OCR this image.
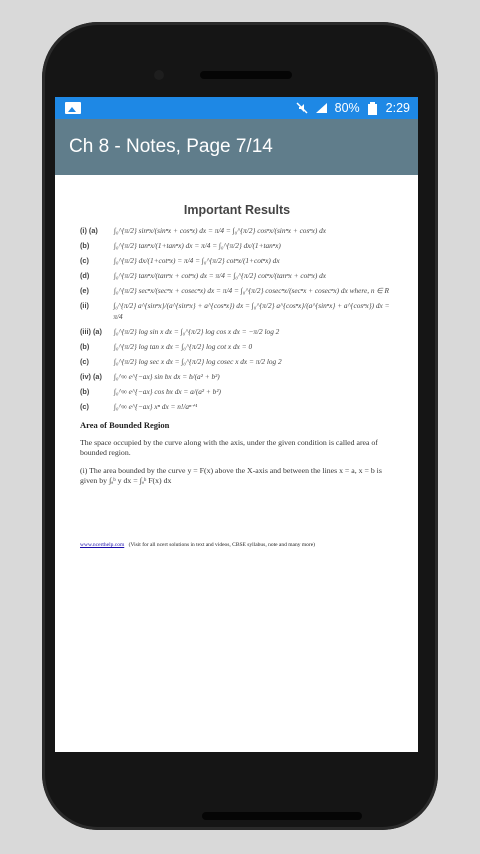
80% 2:29
Ch 8 - Notes, Page 7/14
Important Results
(i) (a)	∫₀^{π/2} sinⁿx/(sinⁿx + cosⁿx) dx = π/4 = ∫₀^{π/2} cosⁿx/(sinⁿx + cosⁿx) dx
(b)	∫₀^{π/2} tanⁿx/(1+tanⁿx) dx = π/4 = ∫₀^{π/2} dx/(1+tanⁿx)
(c)	∫₀^{π/2} dx/(1+cotⁿx) = π/4 = ∫₀^{π/2} cotⁿx/(1+cotⁿx) dx
(d)	∫₀^{π/2} tanⁿx/(tanⁿx + cotⁿx) dx = π/4 = ∫₀^{π/2} cotⁿx/(tanⁿx + cotⁿx) dx
(e)	∫₀^{π/2} secⁿx/(secⁿx + cosecⁿx) dx = π/4 = ∫₀^{π/2} cosecⁿx/(secⁿx + cosecⁿx) dx where, n ∈ R
(ii)	∫₀^{π/2} a^{sinⁿx}/(a^{sinⁿx} + a^{cosⁿx}) dx = ∫₀^{π/2} a^{cosⁿx}/(a^{sinⁿx} + a^{cosⁿx}) dx = π/4
(iii) (a)	∫₀^{π/2} log sin x dx = ∫₀^{π/2} log cos x dx = −π/2 log 2
(b)	∫₀^{π/2} log tan x dx = ∫₀^{π/2} log cot x dx = 0
(c)	∫₀^{π/2} log sec x dx = ∫₀^{π/2} log cosec x dx = π/2 log 2
(iv) (a)	∫₀^∞ e^{−ax} sin bx dx = b/(a² + b²)
(b)	∫₀^∞ e^{−ax} cos bx dx = a/(a² + b²)
(c)	∫₀^∞ e^{−ax} xⁿ dx = n!/aⁿ⁺¹
Area of Bounded Region
The space occupied by the curve along with the axis, under the given condition is called area of bounded region.
(i) The area bounded by the curve y = F(x) above the X-axis and between the lines x = a, x = b is given by ∫ₐᵇ y dx = ∫ₐᵇ F(x) dx
www.ncerthelp.com (Visit for all ncert solutions in text and videos, CBSE syllabus, note and many more)
